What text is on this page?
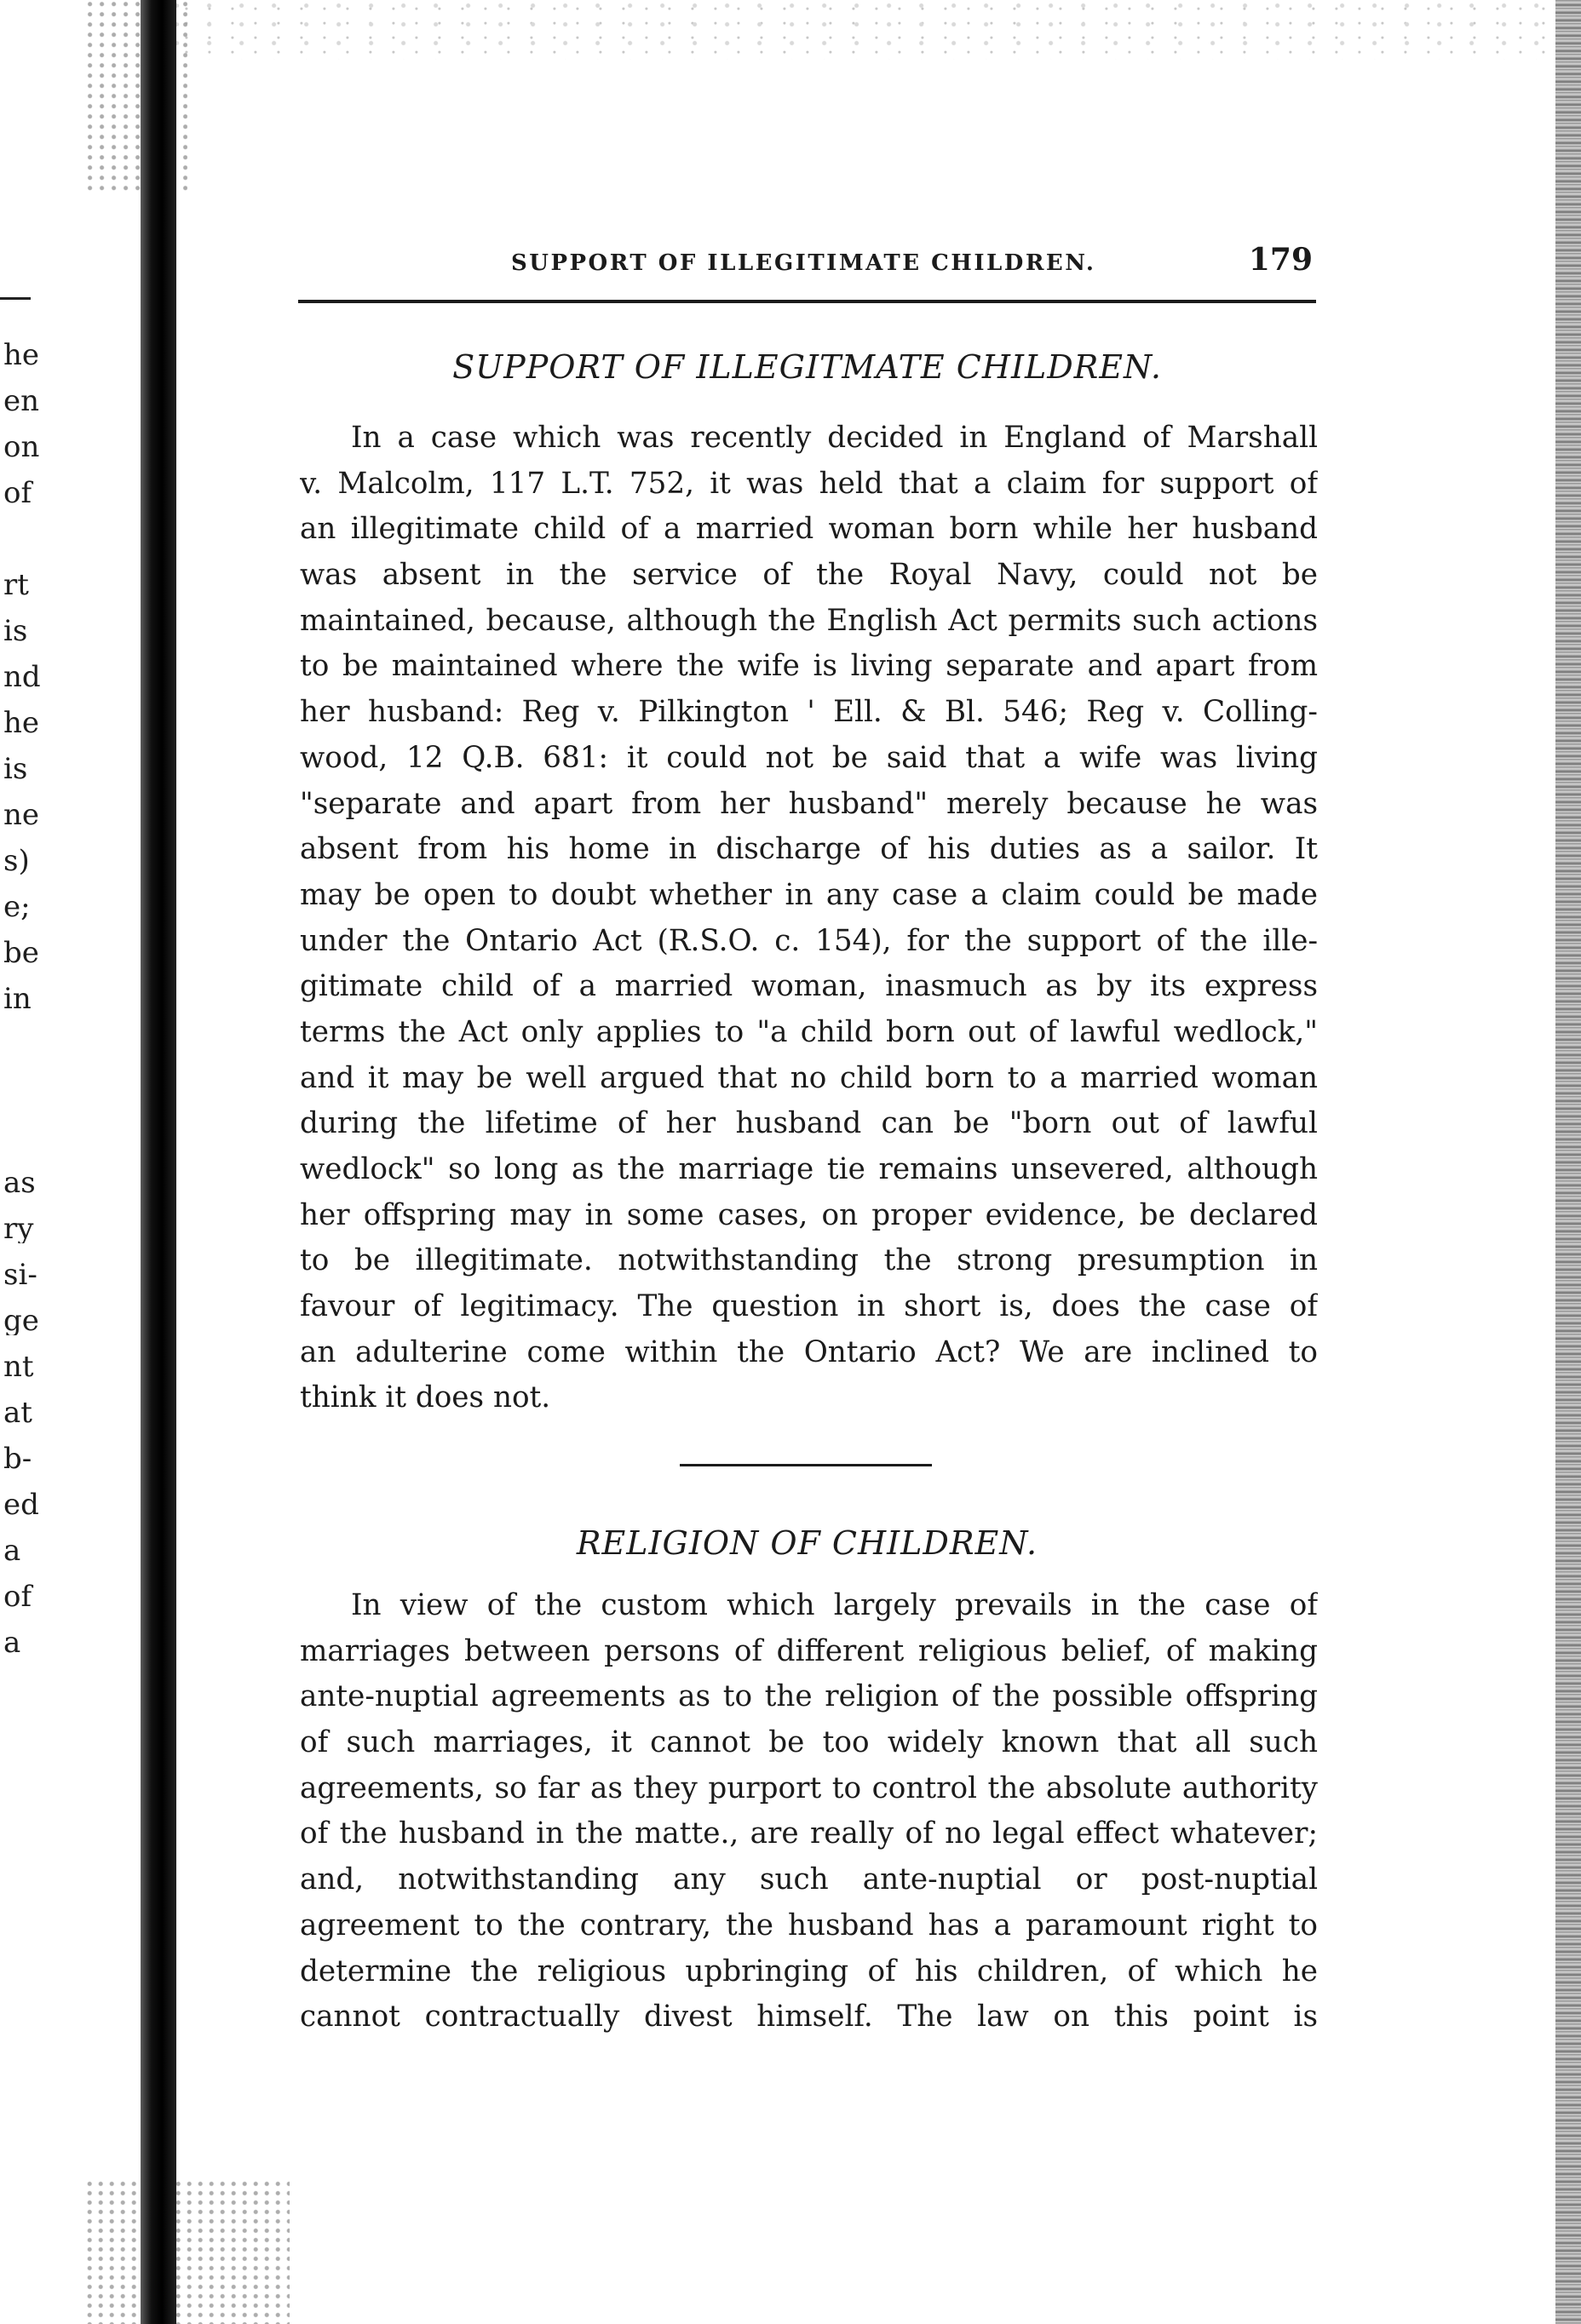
he
en
on
of
rt
is
nd
he
is
ne
s)
e;
be
in
as
ry
si-
ge
nt
at
b-
ed
a
of
a
SUPPORT OF ILLEGITIMATE CHILDREN.	179
SUPPORT OF ILLEGITMATE CHILDREN.
In a case which was recently decided in England of Marshall
v. Malcolm, 117 L.T. 752, it was held that a claim for support of
an illegitimate child of a married woman born while her husband
was absent in the service of the Royal Navy, could not be
maintained, because, although the English Act permits such actions
to be maintained where the wife is living separate and apart from
her husband: Reg v. Pilkington ' Ell. & Bl. 546; Reg v. Colling-
wood, 12 Q.B. 681: it could not be said that a wife was living
"separate and apart from her husband" merely because he was
absent from his home in discharge of his duties as a sailor. It
may be open to doubt whether in any case a claim could be made
under the Ontario Act (R.S.O. c. 154), for the support of the ille-
gitimate child of a married woman, inasmuch as by its express
terms the Act only applies to "a child born out of lawful wedlock,"
and it may be well argued that no child born to a married woman
during the lifetime of her husband can be "born out of lawful
wedlock" so long as the marriage tie remains unsevered, although
her offspring may in some cases, on proper evidence, be declared
to be illegitimate. notwithstanding the strong presumption in
favour of legitimacy. The question in short is, does the case of
an adulterine come within the Ontario Act? We are inclined to
think it does not.
RELIGION OF CHILDREN.
In view of the custom which largely prevails in the case of
marriages between persons of different religious belief, of making
ante-nuptial agreements as to the religion of the possible offspring
of such marriages, it cannot be too widely known that all such
agreements, so far as they purport to control the absolute authority
of the husband in the matte., are really of no legal effect whatever;
and, notwithstanding any such ante-nuptial or post-nuptial
agreement to the contrary, the husband has a paramount right to
determine the religious upbringing of his children, of which he
cannot contractually divest himself. The law on this point is
